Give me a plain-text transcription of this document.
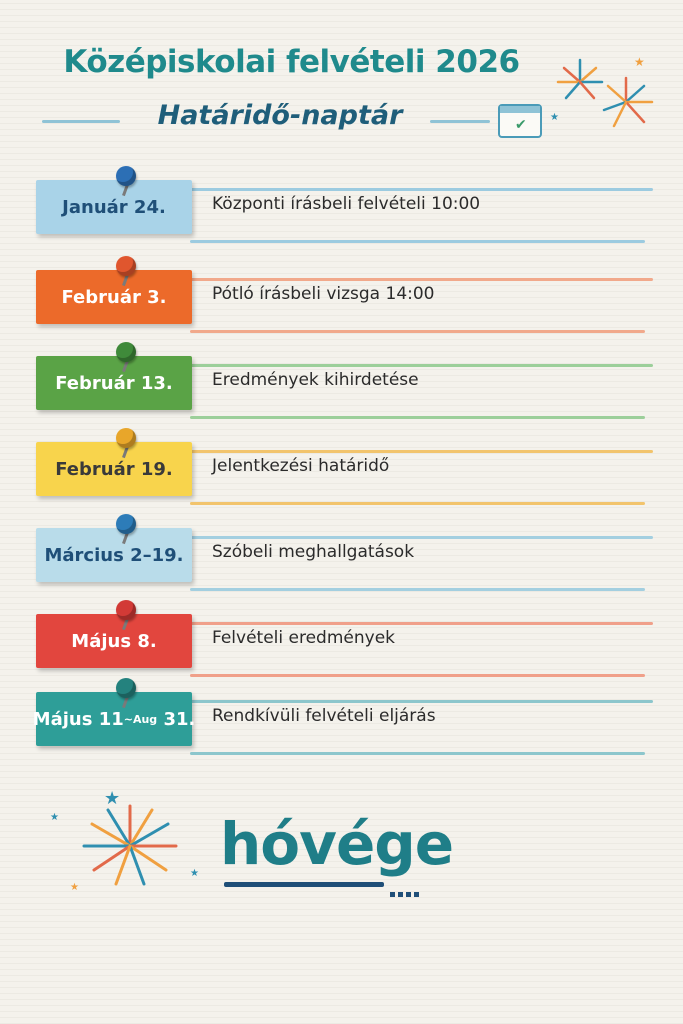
Középiskolai felvételi 2026
Határidő-naptár	✔
★
★
Január 24.	Központi írásbeli felvételi 10:00
Február 3.	Pótló írásbeli vizsga 14:00
Február 13. Eredmények kihirdetése
Február 19. Jelentkezési határidő
Március 2–19. Szóbeli meghallgatások
Május 8.	Felvételi eredmények
Május 11 ~Aug 31. Rendkívüli felvételi eljárás
★
★
★
★ hóvége
